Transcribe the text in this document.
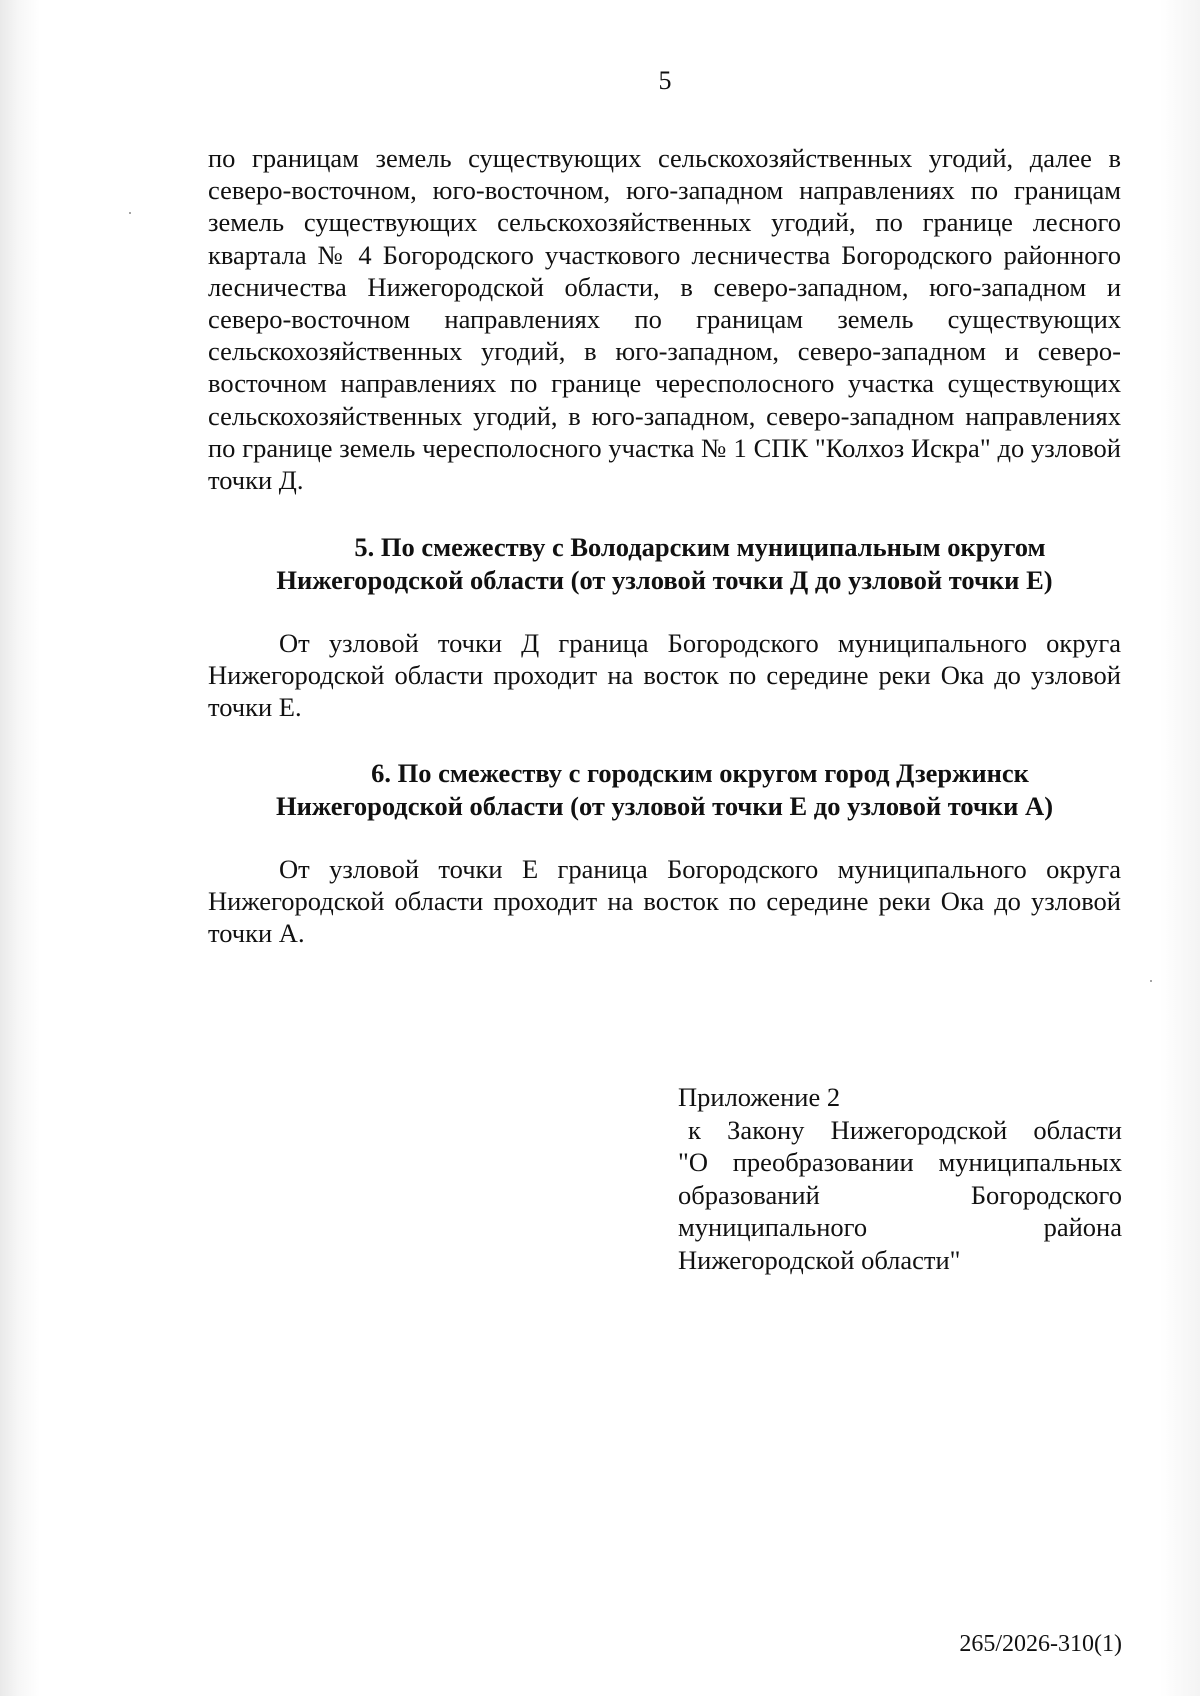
5

по границам земель существующих сельскохозяйственных угодий, далее в северо-восточном, юго-восточном, юго-западном направлениях по границам земель существующих сельскохозяйственных угодий, по границе лесного квартала № 4 Богородского участкового лесничества Богородского районного лесничества Нижегородской области, в северо-западном, юго-западном и северо-восточном направлениях по границам земель существующих сельскохозяйственных угодий, в юго-западном, северо-западном и северо-восточном направлениях по границе чересполосного участка существующих сельскохозяйственных угодий, в юго-западном, северо-западном направлениях по границе земель чересполосного участка № 1 СПК "Колхоз Искра" до узловой точки Д.

5. По смежеству с Володарским муниципальным округом
Нижегородской области (от узловой точки Д до узловой точки Е)

От узловой точки Д граница Богородского муниципального округа Нижегородской области проходит на восток по середине реки Ока до узловой точки Е.

6. По смежеству с городским округом город Дзержинск
Нижегородской области (от узловой точки Е до узловой точки А)

От узловой точки Е граница Богородского муниципального округа Нижегородской области проходит на восток по середине реки Ока до узловой точки А.

Приложение 2
к Закону Нижегородской области
"О преобразовании муниципальных
образований Богородского
муниципального района
Нижегородской области"
265/2026-310(1)
